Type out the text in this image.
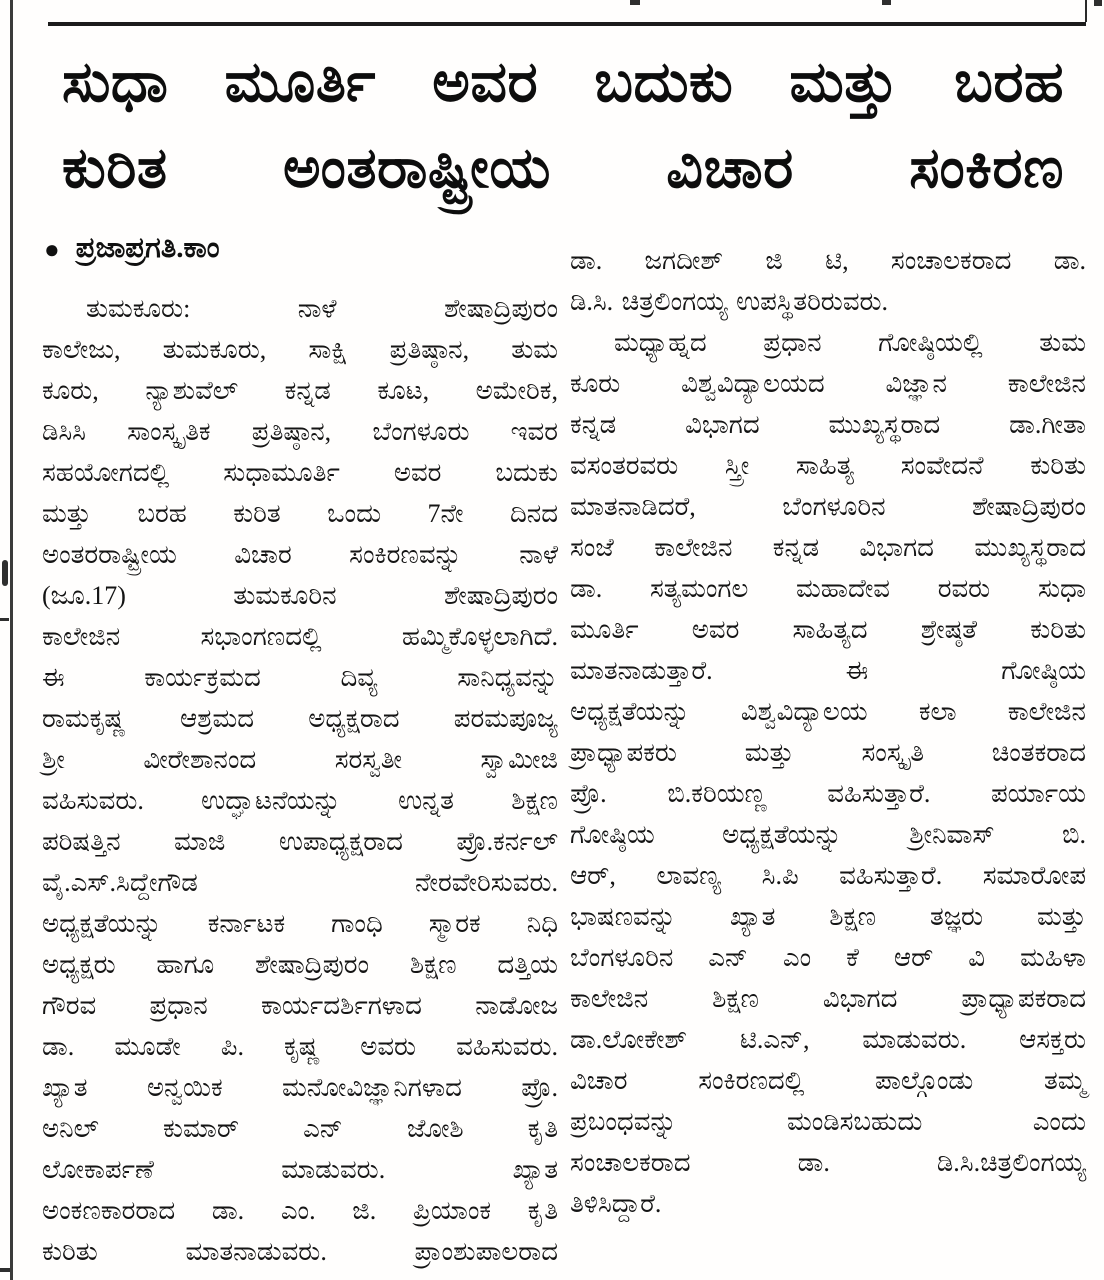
ಸುಧಾ ಮೂರ್ತಿ ಅವರ ಬದುಕು ಮತ್ತು ಬರಹ
ಕುರಿತ ಅಂತರಾಷ್ಟ್ರೀಯ ವಿಚಾರ ಸಂಕಿರಣ
● ಪ್ರಜಾಪ್ರಗತಿ.ಕಾಂ
ತುಮಕೂರು: ನಾಳೆ ಶೇಷಾದ್ರಿಪುರಂ
ಕಾಲೇಜು, ತುಮಕೂರು, ಸಾಕ್ಷಿ ಪ್ರತಿಷ್ಠಾನ, ತುಮ
ಕೂರು, ನ್ಯಾಶುವೆಲ್ ಕನ್ನಡ ಕೂಟ, ಅಮೇರಿಕ,
ಡಿಸಿಸಿ ಸಾಂಸ್ಕೃತಿಕ ಪ್ರತಿಷ್ಠಾನ, ಬೆಂಗಳೂರು ಇವರ
ಸಹಯೋಗದಲ್ಲಿ ಸುಧಾಮೂರ್ತಿ ಅವರ ಬದುಕು
ಮತ್ತು ಬರಹ ಕುರಿತ ಒಂದು 7ನೇ ದಿನದ
ಅಂತರರಾಷ್ಟ್ರೀಯ ವಿಚಾರ ಸಂಕಿರಣವನ್ನು ನಾಳೆ
(ಜೂ.17) ತುಮಕೂರಿನ ಶೇಷಾದ್ರಿಪುರಂ
ಕಾಲೇಜಿನ ಸಭಾಂಗಣದಲ್ಲಿ ಹಮ್ಮಿಕೊಳ್ಳಲಾಗಿದೆ.
ಈ ಕಾರ್ಯಕ್ರಮದ ದಿವ್ಯ ಸಾನಿಧ್ಯವನ್ನು
ರಾಮಕೃಷ್ಣ ಆಶ್ರಮದ ಅಧ್ಯಕ್ಷರಾದ ಪರಮಪೂಜ್ಯ
ಶ್ರೀ ವೀರೇಶಾನಂದ ಸರಸ್ವತೀ ಸ್ವಾಮೀಜಿ
ವಹಿಸುವರು. ಉದ್ಘಾಟನೆಯನ್ನು ಉನ್ನತ ಶಿಕ್ಷಣ
ಪರಿಷತ್ತಿನ ಮಾಜಿ ಉಪಾಧ್ಯಕ್ಷರಾದ ಪ್ರೊ.ಕರ್ನಲ್
ವೈ.ಎಸ್.ಸಿದ್ದೇಗೌಡ ನೇರವೇರಿಸುವರು.
ಅಧ್ಯಕ್ಷತೆಯನ್ನು ಕರ್ನಾಟಕ ಗಾಂಧಿ ಸ್ಮಾರಕ ನಿಧಿ
ಅಧ್ಯಕ್ಷರು ಹಾಗೂ ಶೇಷಾದ್ರಿಪುರಂ ಶಿಕ್ಷಣ ದತ್ತಿಯ
ಗೌರವ ಪ್ರಧಾನ ಕಾರ್ಯದರ್ಶಿಗಳಾದ ನಾಡೋಜ
ಡಾ. ಮೂಡೇ ಪಿ. ಕೃಷ್ಣ ಅವರು ವಹಿಸುವರು.
ಖ್ಯಾತ ಅನ್ವಯಿಕ ಮನೋವಿಜ್ಞಾನಿಗಳಾದ ಪ್ರೊ.
ಅನಿಲ್ ಕುಮಾರ್ ಎನ್ ಜೋಶಿ ಕೃತಿ
ಲೋಕಾರ್ಪಣೆ ಮಾಡುವರು. ಖ್ಯಾತ
ಅಂಕಣಕಾರರಾದ ಡಾ. ಎಂ. ಜಿ. ಪ್ರಿಯಾಂಕ ಕೃತಿ
ಕುರಿತು ಮಾತನಾಡುವರು. ಪ್ರಾಂಶುಪಾಲರಾದ
ಡಾ. ಜಗದೀಶ್ ಜಿ ಟಿ, ಸಂಚಾಲಕರಾದ ಡಾ.
ಡಿ.ಸಿ. ಚಿತ್ರಲಿಂಗಯ್ಯ ಉಪಸ್ಥಿತರಿರುವರು.
ಮಧ್ಯಾಹ್ನದ ಪ್ರಧಾನ ಗೋಷ್ಠಿಯಲ್ಲಿ ತುಮ
ಕೂರು ವಿಶ್ವವಿದ್ಯಾಲಯದ ವಿಜ್ಞಾನ ಕಾಲೇಜಿನ
ಕನ್ನಡ ವಿಭಾಗದ ಮುಖ್ಯಸ್ಥರಾದ ಡಾ.ಗೀತಾ
ವಸಂತರವರು ಸ್ತ್ರೀ ಸಾಹಿತ್ಯ ಸಂವೇದನೆ ಕುರಿತು
ಮಾತನಾಡಿದರೆ, ಬೆಂಗಳೂರಿನ ಶೇಷಾದ್ರಿಪುರಂ
ಸಂಜೆ ಕಾಲೇಜಿನ ಕನ್ನಡ ವಿಭಾಗದ ಮುಖ್ಯಸ್ಥರಾದ
ಡಾ. ಸತ್ಯಮಂಗಲ ಮಹಾದೇವ ರವರು ಸುಧಾ
ಮೂರ್ತಿ ಅವರ ಸಾಹಿತ್ಯದ ಶ್ರೇಷ್ಠತೆ ಕುರಿತು
ಮಾತನಾಡುತ್ತಾರೆ. ಈ ಗೋಷ್ಠಿಯ
ಅಧ್ಯಕ್ಷತೆಯನ್ನು ವಿಶ್ವವಿದ್ಯಾಲಯ ಕಲಾ ಕಾಲೇಜಿನ
ಪ್ರಾಧ್ಯಾಪಕರು ಮತ್ತು ಸಂಸ್ಕೃತಿ ಚಿಂತಕರಾದ
ಪ್ರೊ. ಬಿ.ಕರಿಯಣ್ಣ ವಹಿಸುತ್ತಾರೆ. ಪರ್ಯಾಯ
ಗೋಷ್ಠಿಯ ಅಧ್ಯಕ್ಷತೆಯನ್ನು ಶ್ರೀನಿವಾಸ್ ಬಿ.
ಆರ್, ಲಾವಣ್ಯ ಸಿ.ಪಿ ವಹಿಸುತ್ತಾರೆ. ಸಮಾರೋಪ
ಭಾಷಣವನ್ನು ಖ್ಯಾತ ಶಿಕ್ಷಣ ತಜ್ಞರು ಮತ್ತು
ಬೆಂಗಳೂರಿನ ಎನ್ ಎಂ ಕೆ ಆರ್ ವಿ ಮಹಿಳಾ
ಕಾಲೇಜಿನ ಶಿಕ್ಷಣ ವಿಭಾಗದ ಪ್ರಾಧ್ಯಾಪಕರಾದ
ಡಾ.ಲೋಕೇಶ್ ಟಿ.ಎನ್, ಮಾಡುವರು. ಆಸಕ್ತರು
ವಿಚಾರ ಸಂಕಿರಣದಲ್ಲಿ ಪಾಲ್ಗೊಂಡು ತಮ್ಮ
ಪ್ರಬಂಧವನ್ನು ಮಂಡಿಸಬಹುದು ಎಂದು
ಸಂಚಾಲಕರಾದ ಡಾ. ಡಿ.ಸಿ.ಚಿತ್ರಲಿಂಗಯ್ಯ
ತಿಳಿಸಿದ್ದಾರೆ.
